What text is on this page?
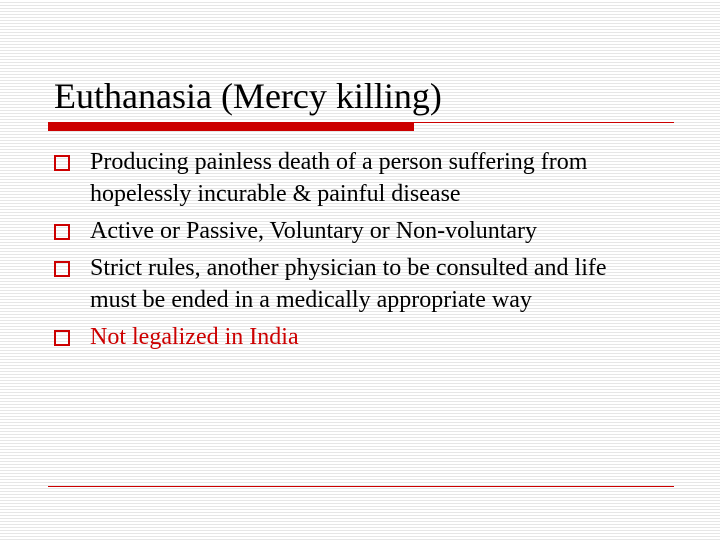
Euthanasia (Mercy killing)
Producing painless death of a person suffering from hopelessly incurable & painful disease
Active or Passive, Voluntary or Non-voluntary
Strict rules, another physician to be consulted and life must be ended in a medically appropriate way
Not legalized in India
